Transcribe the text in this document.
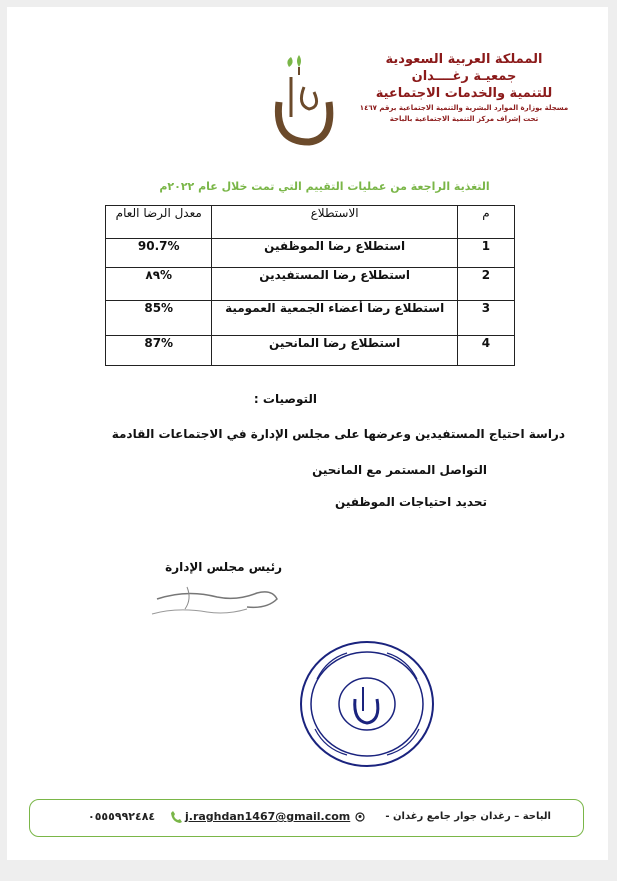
المملكة العربية السعودية
جمعيـة رغــــدان
للتنمية والخدمات الاجتماعية
مسجلة بوزارة الموارد البشرية والتنمية الاجتماعية برقم ١٤٦٧
تحت إشراف مركز التنمية الاجتماعية بالباحة
التغذية الراجعة من عمليات التقييم التي تمت خلال عام ٢٠٢٢م
م	الاستطلاع	معدل الرضا العام
1	استطلاع رضا الموظفين	90.7%
2	استطلاع رضا المستفيدين	%٨٩
3	استطلاع رضا أعضاء الجمعية العمومية	85%
4	استطلاع رضا المانحين	87%
التوصيات :
دراسة احتياج المستفيدين وعرضها على مجلس الإدارة في الاجتماعات القادمة
التواصل المستمر مع المانحين
تحديد احتياجات الموظفين
رئيس مجلس الإدارة
الباحة – رغدان جوار جامع رغدان -
j.raghdan1467@gmail.com
٠٥٥٥٩٩٢٤٨٤
